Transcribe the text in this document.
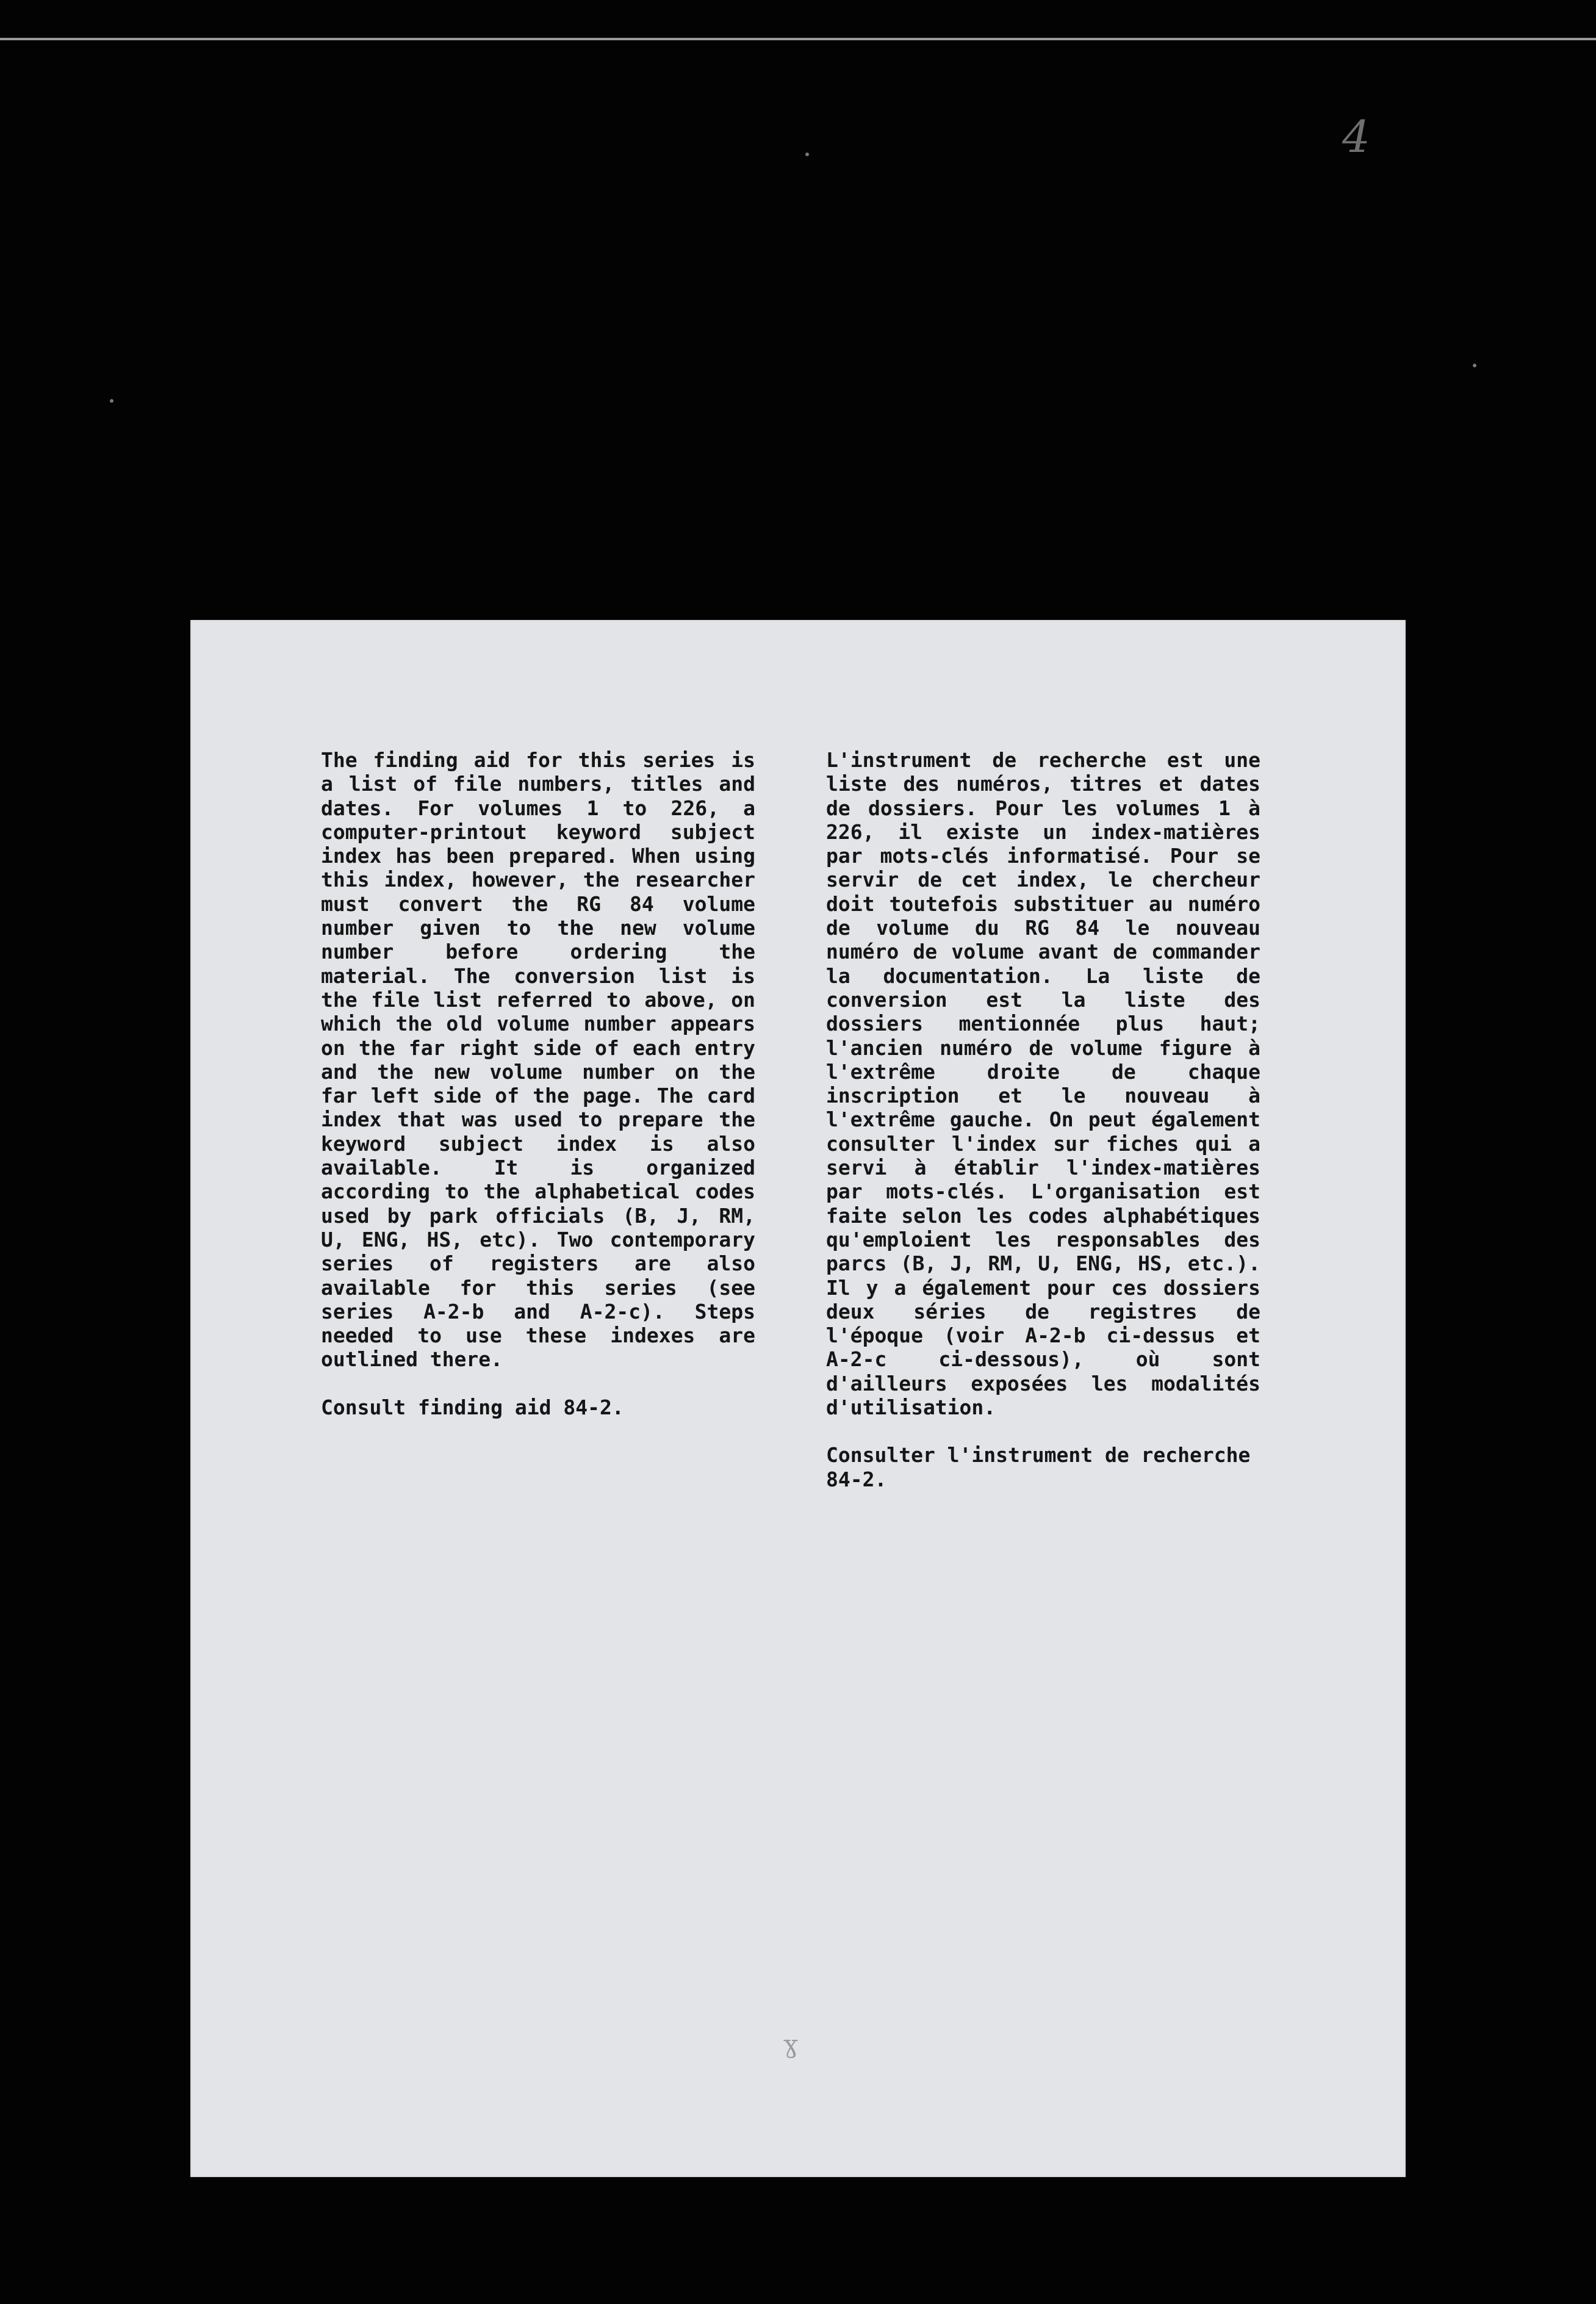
4

The finding aid for this series is a list of file numbers, titles and dates. For volumes 1 to 226, a computer-printout keyword subject index has been prepared. When using this index, however, the researcher must convert the RG 84 volume number given to the new volume number before ordering the material. The conversion list is the file list referred to above, on which the old volume number appears on the far right side of each entry and the new volume number on the far left side of the page. The card index that was used to prepare the keyword subject index is also available. It is organized according to the alphabetical codes used by park officials (B, J, RM, U, ENG, HS, etc). Two contemporary series of registers are also available for this series (see series A-2-b and A-2-c). Steps needed to use these indexes are outlined there.

Consult finding aid 84-2.

L'instrument de recherche est une liste des numéros, titres et dates de dossiers. Pour les volumes 1 à 226, il existe un index-matières par mots-clés informatisé. Pour se servir de cet index, le chercheur doit toutefois substituer au numéro de volume du RG 84 le nouveau numéro de volume avant de commander la documentation. La liste de conversion est la liste des dossiers mentionnée plus haut; l'ancien numéro de volume figure à l'extrême droite de chaque inscription et le nouveau à l'extrême gauche. On peut également consulter l'index sur fiches qui a servi à établir l'index-matières par mots-clés. L'organisation est faite selon les codes alphabétiques qu'emploient les responsables des parcs (B, J, RM, U, ENG, HS, etc.). Il y a également pour ces dossiers deux séries de registres de l'époque (voir A-2-b ci-dessus et A-2-c ci-dessous), où sont d'ailleurs exposées les modalités d'utilisation.

Consulter l'instrument de recherche 84-2.

ɣ
